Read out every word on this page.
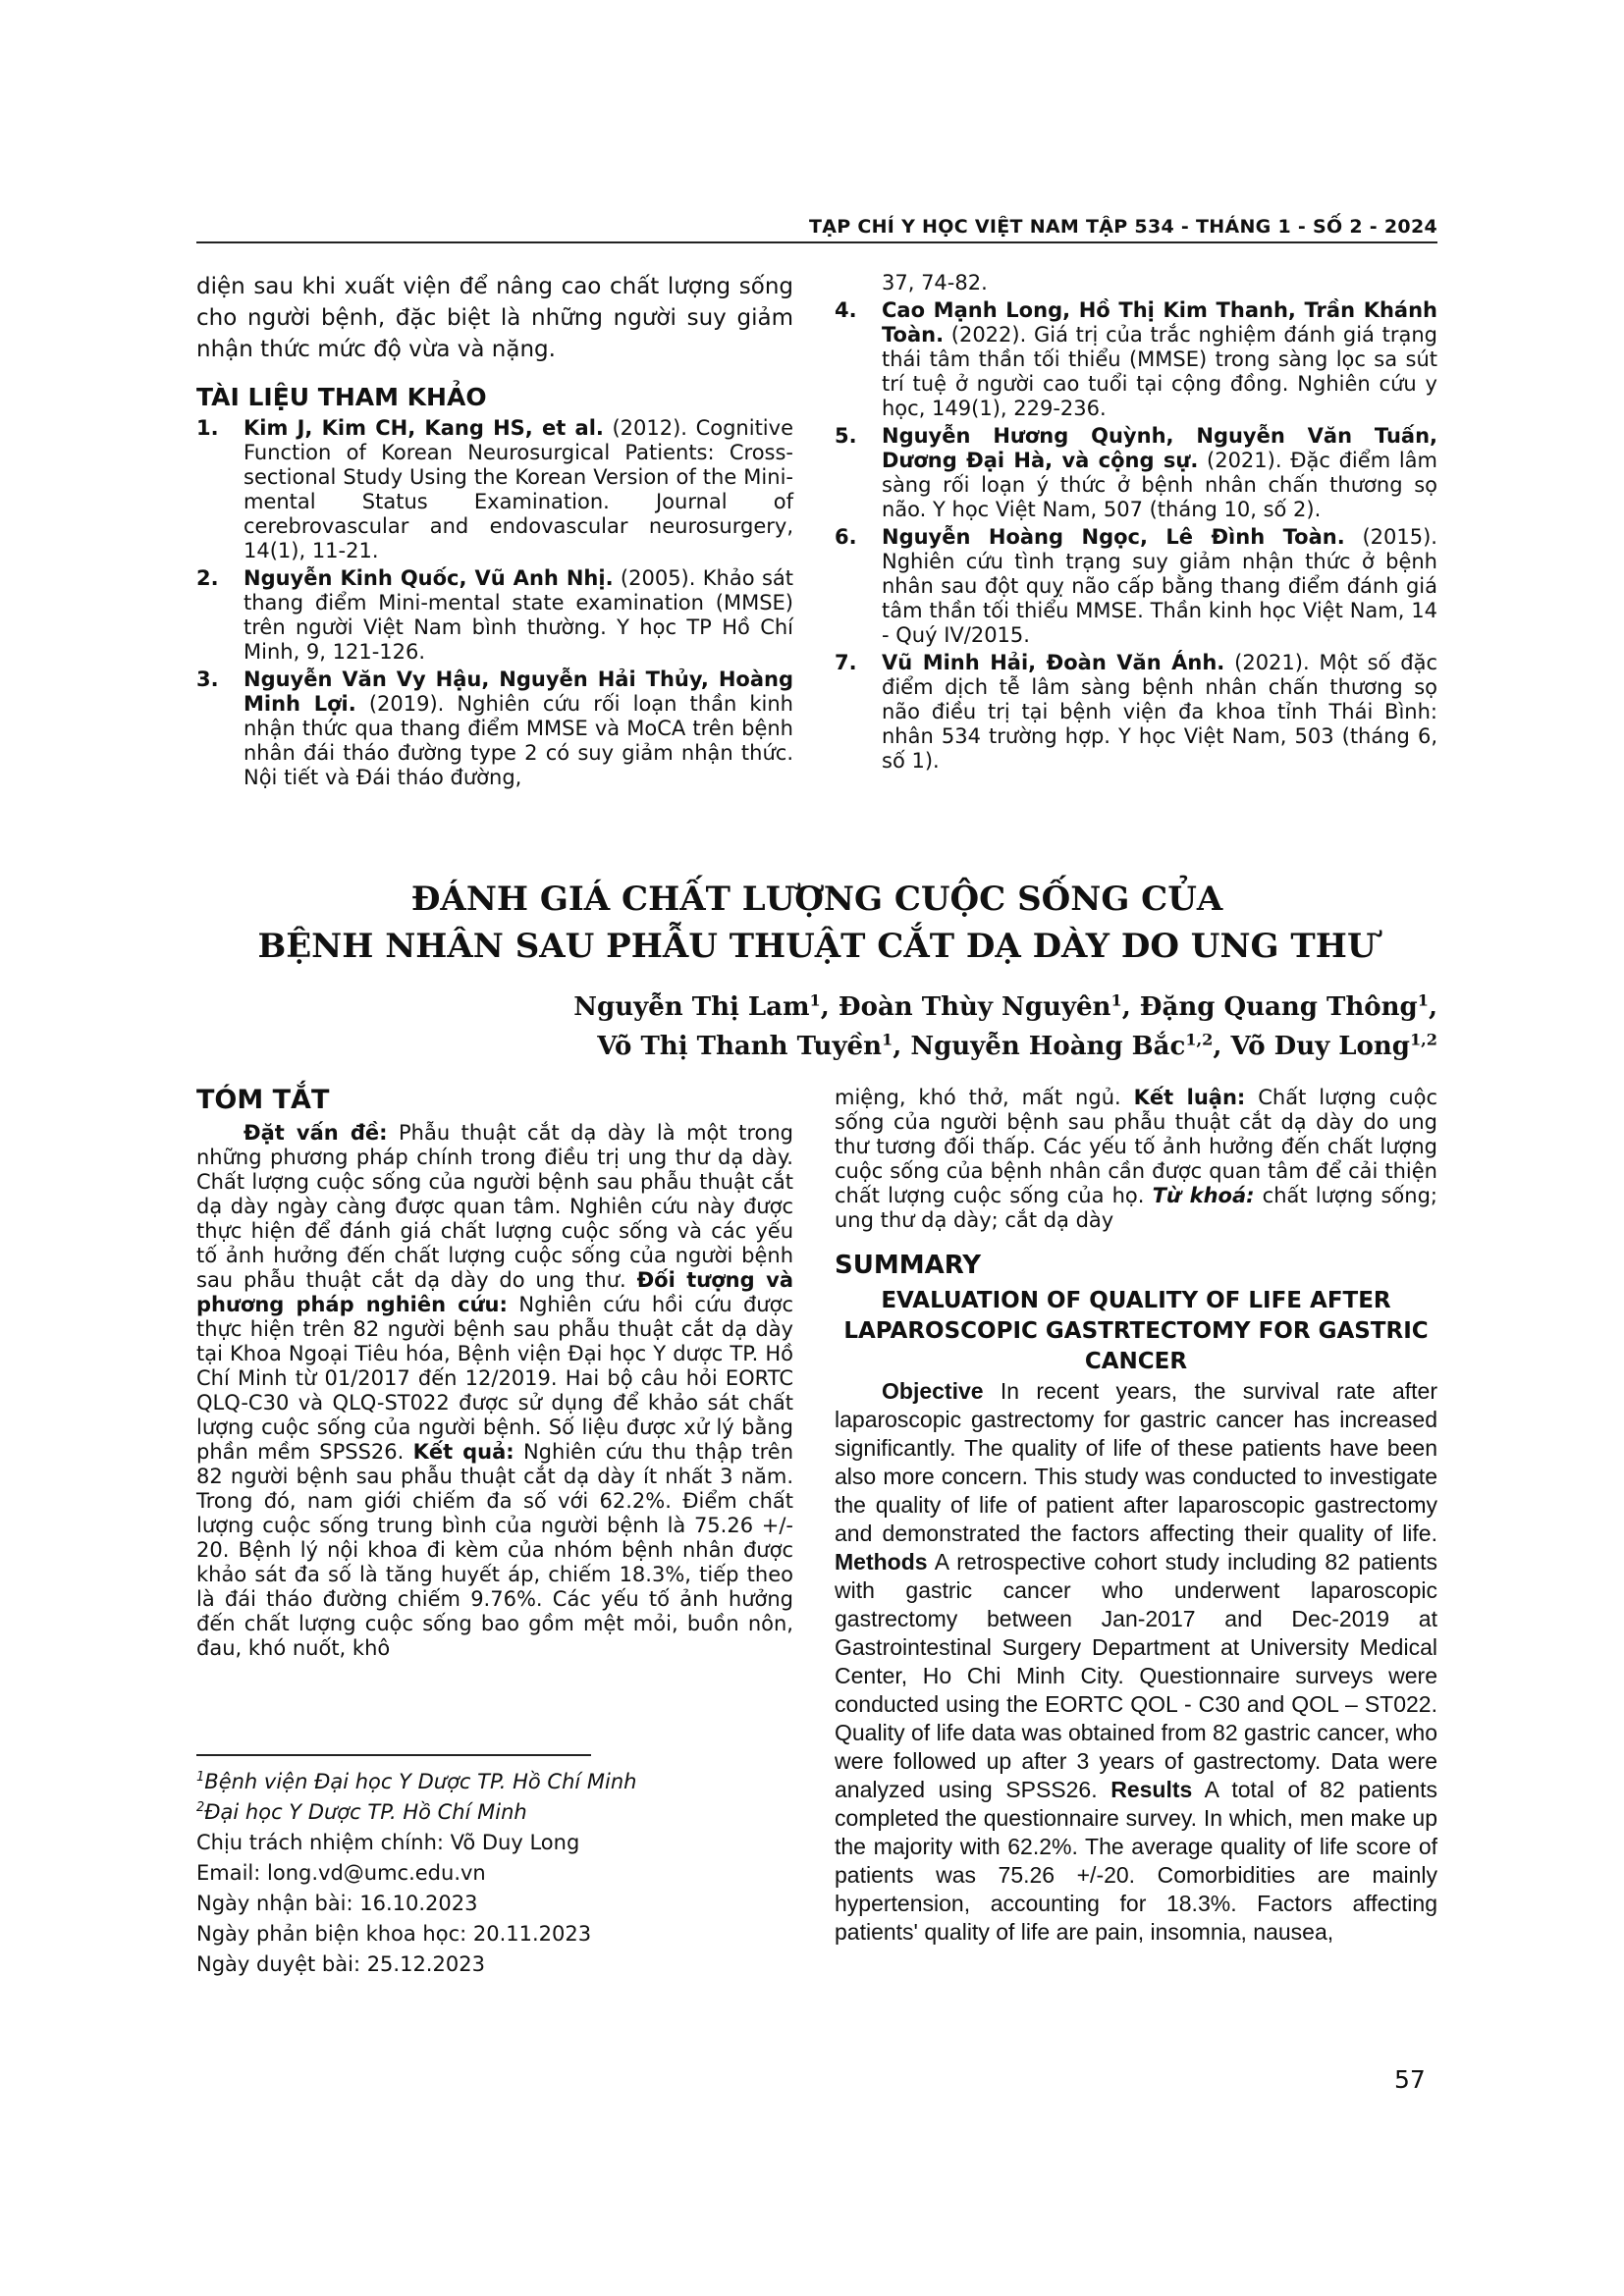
TẠP CHÍ Y HỌC VIỆT NAM TẬP 534 - THÁNG 1 - SỐ 2 - 2024

diện sau khi xuất viện để nâng cao chất lượng sống cho người bệnh, đặc biệt là những người suy giảm nhận thức mức độ vừa và nặng.

TÀI LIỆU THAM KHẢO

1.	Kim J, Kim CH, Kang HS, et al. (2012). Cognitive Function of Korean Neurosurgical Patients: Cross-sectional Study Using the Korean Version of the Mini-mental Status Examination. Journal of cerebrovascular and endovascular neurosurgery, 14(1), 11-21.

2.	Nguyễn Kinh Quốc, Vũ Anh Nhị. (2005). Khảo sát thang điểm Mini-mental state examination (MMSE) trên người Việt Nam bình thường. Y học TP Hồ Chí Minh, 9, 121-126.

3.	Nguyễn Văn Vy Hậu, Nguyễn Hải Thủy, Hoàng Minh Lợi. (2019). Nghiên cứu rối loạn thần kinh nhận thức qua thang điểm MMSE và MoCA trên bệnh nhân đái tháo đường type 2 có suy giảm nhận thức. Nội tiết và Đái tháo đường,

37, 74-82.

4.	Cao Mạnh Long, Hồ Thị Kim Thanh, Trần Khánh Toàn. (2022). Giá trị của trắc nghiệm đánh giá trạng thái tâm thần tối thiểu (MMSE) trong sàng lọc sa sút trí tuệ ở người cao tuổi tại cộng đồng. Nghiên cứu y học, 149(1), 229-236.

5.	Nguyễn Hương Quỳnh, Nguyễn Văn Tuấn, Dương Đại Hà, và cộng sự. (2021). Đặc điểm lâm sàng rối loạn ý thức ở bệnh nhân chấn thương sọ não. Y học Việt Nam, 507 (tháng 10, số 2).

6.	Nguyễn Hoàng Ngọc, Lê Đình Toàn. (2015). Nghiên cứu tình trạng suy giảm nhận thức ở bệnh nhân sau đột quỵ não cấp bằng thang điểm đánh giá tâm thần tối thiểu MMSE. Thần kinh học Việt Nam, 14 - Quý IV/2015.

7.	Vũ Minh Hải, Đoàn Văn Ánh. (2021). Một số đặc điểm dịch tễ lâm sàng bệnh nhân chấn thương sọ não điều trị tại bệnh viện đa khoa tỉnh Thái Bình: nhân 534 trường hợp. Y học Việt Nam, 503 (tháng 6, số 1).

ĐÁNH GIÁ CHẤT LƯỢNG CUỘC SỐNG CỦA
BỆNH NHÂN SAU PHẪU THUẬT CẮT DẠ DÀY DO UNG THƯ
Nguyễn Thị Lam$^1$, Đoàn Thùy Nguyên$^1$, Đặng Quang Thông$^1$,
Võ Thị Thanh Tuyền$^1$, Nguyễn Hoàng Bắc$^{1,2}$, Võ Duy Long$^{1,2}$

TÓM TẮT

Đặt vấn đề: Phẫu thuật cắt dạ dày là một trong những phương pháp chính trong điều trị ung thư dạ dày. Chất lượng cuộc sống của người bệnh sau phẫu thuật cắt dạ dày ngày càng được quan tâm. Nghiên cứu này được thực hiện để đánh giá chất lượng cuộc sống và các yếu tố ảnh hưởng đến chất lượng cuộc sống của người bệnh sau phẫu thuật cắt dạ dày do ung thư. Đối tượng và phương pháp nghiên cứu: Nghiên cứu hồi cứu được thực hiện trên 82 người bệnh sau phẫu thuật cắt dạ dày tại Khoa Ngoại Tiêu hóa, Bệnh viện Đại học Y dược TP. Hồ Chí Minh từ 01/2017 đến 12/2019. Hai bộ câu hỏi EORTC QLQ-C30 và QLQ-ST022 được sử dụng để khảo sát chất lượng cuộc sống của người bệnh. Số liệu được xử lý bằng phần mềm SPSS26. Kết quả: Nghiên cứu thu thập trên 82 người bệnh sau phẫu thuật cắt dạ dày ít nhất 3 năm. Trong đó, nam giới chiếm đa số với 62.2%. Điểm chất lượng cuộc sống trung bình của người bệnh là 75.26 +/- 20. Bệnh lý nội khoa đi kèm của nhóm bệnh nhân được khảo sát đa số là tăng huyết áp, chiếm 18.3%, tiếp theo là đái tháo đường chiếm 9.76%. Các yếu tố ảnh hưởng đến chất lượng cuộc sống bao gồm mệt mỏi, buồn nôn, đau, khó nuốt, khô

miệng, khó thở, mất ngủ. Kết luận: Chất lượng cuộc sống của người bệnh sau phẫu thuật cắt dạ dày do ung thư tương đối thấp. Các yếu tố ảnh hưởng đến chất lượng cuộc sống của bệnh nhân cần được quan tâm để cải thiện chất lượng cuộc sống của họ. Từ khoá: chất lượng sống; ung thư dạ dày; cắt dạ dày

SUMMARY

EVALUATION OF QUALITY OF LIFE AFTER LAPAROSCOPIC GASTRTECTOMY FOR GASTRIC CANCER

Objective In recent years, the survival rate after laparoscopic gastrectomy for gastric cancer has increased significantly. The quality of life of these patients have been also more concern. This study was conducted to investigate the quality of life of patient after laparoscopic gastrectomy and demonstrated the factors affecting their quality of life. Methods A retrospective cohort study including 82 patients with gastric cancer who underwent laparoscopic gastrectomy between Jan-2017 and Dec-2019 at Gastrointestinal Surgery Department at University Medical Center, Ho Chi Minh City. Questionnaire surveys were conducted using the EORTC QOL - C30 and QOL – ST022. Quality of life data was obtained from 82 gastric cancer, who were followed up after 3 years of gastrectomy. Data were analyzed using SPSS26. Results A total of 82 patients completed the questionnaire survey. In which, men make up the majority with 62.2%. The average quality of life score of patients was 75.26 +/-20. Comorbidities are mainly hypertension, accounting for 18.3%. Factors affecting patients' quality of life are pain, insomnia, nausea,

$^1$Bệnh viện Đại học Y Dược TP. Hồ Chí Minh
$^2$Đại học Y Dược TP. Hồ Chí Minh
Chịu trách nhiệm chính: Võ Duy Long
Email: long.vd@umc.edu.vn
Ngày nhận bài: 16.10.2023
Ngày phản biện khoa học: 20.11.2023
Ngày duyệt bài: 25.12.2023
57
